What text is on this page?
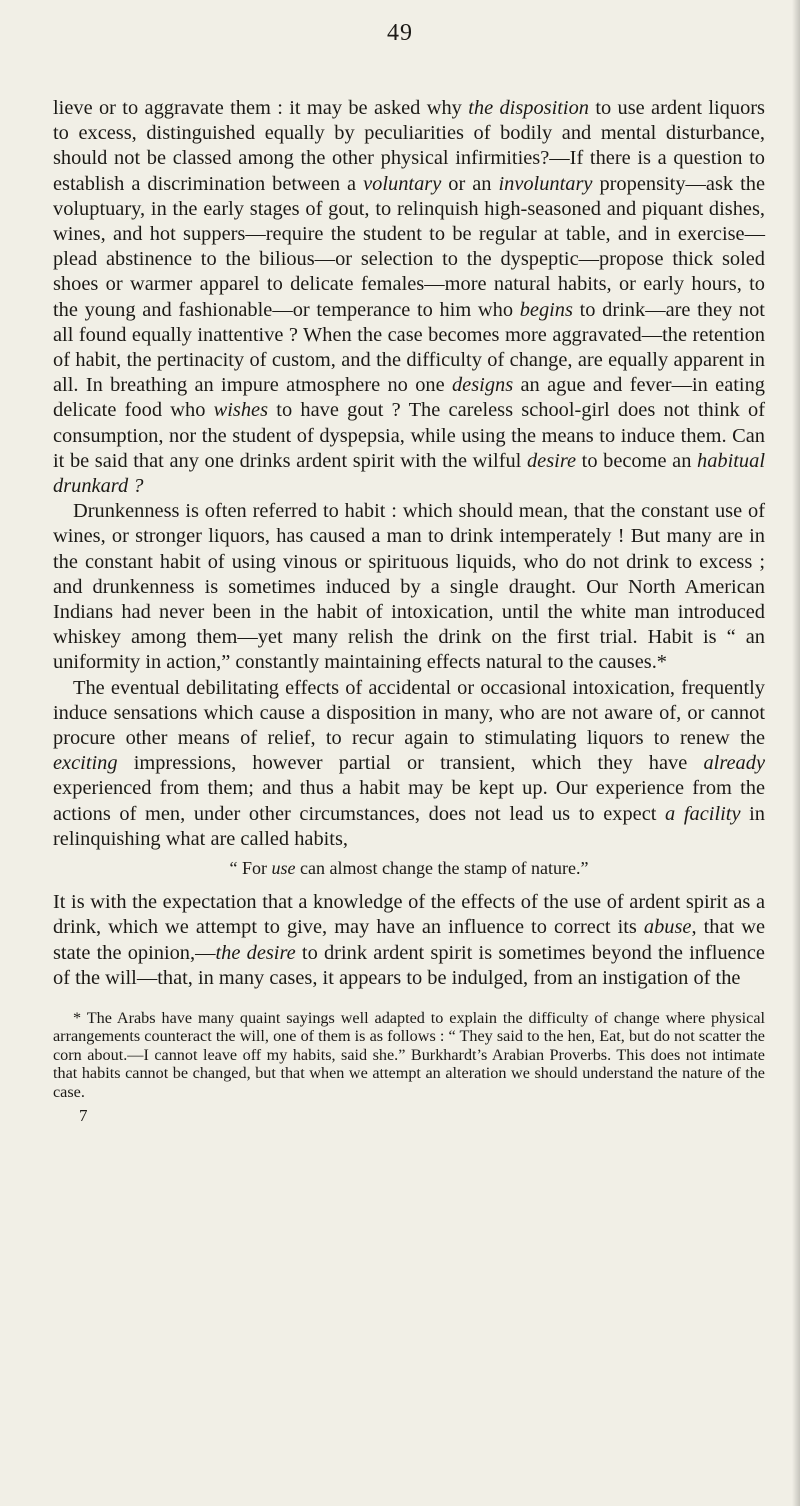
49

lieve or to aggravate them : it may be asked why the disposition to use ardent liquors to excess, distinguished equally by peculiarities of bodily and mental disturbance, should not be classed among the other physical infirmities?—If there is a question to establish a discrimination between a voluntary or an involuntary propensity—ask the voluptuary, in the early stages of gout, to relinquish high-seasoned and piquant dishes, wines, and hot suppers—require the student to be regular at table, and in exercise—plead abstinence to the bilious—or selection to the dyspeptic—propose thick soled shoes or warmer apparel to delicate females—more natural habits, or early hours, to the young and fashionable—or temperance to him who begins to drink—are they not all found equally inattentive ? When the case becomes more aggravated—the retention of habit, the pertinacity of custom, and the difficulty of change, are equally apparent in all. In breathing an impure atmosphere no one designs an ague and fever—in eating delicate food who wishes to have gout ? The careless school-girl does not think of consumption, nor the student of dyspepsia, while using the means to induce them. Can it be said that any one drinks ardent spirit with the wilful desire to become an habitual drunkard ?

Drunkenness is often referred to habit : which should mean, that the constant use of wines, or stronger liquors, has caused a man to drink intemperately ! But many are in the constant habit of using vinous or spirituous liquids, who do not drink to excess ; and drunkenness is sometimes induced by a single draught. Our North American Indians had never been in the habit of intoxication, until the white man introduced whiskey among them—yet many relish the drink on the first trial. Habit is “ an uniformity in action,” constantly maintaining effects natural to the causes.*

The eventual debilitating effects of accidental or occasional intoxication, frequently induce sensations which cause a disposition in many, who are not aware of, or cannot procure other means of relief, to recur again to stimulating liquors to renew the exciting impressions, however partial or transient, which they have already experienced from them; and thus a habit may be kept up. Our experience from the actions of men, under other circumstances, does not lead us to expect a facility in relinquishing what are called habits,

“ For use can almost change the stamp of nature.”

It is with the expectation that a knowledge of the effects of the use of ardent spirit as a drink, which we attempt to give, may have an influence to correct its abuse, that we state the opinion,—the desire to drink ardent spirit is sometimes beyond the influence of the will—that, in many cases, it appears to be indulged, from an instigation of the

* The Arabs have many quaint sayings well adapted to explain the difficulty of change where physical arrangements counteract the will, one of them is as follows : “ They said to the hen, Eat, but do not scatter the corn about.—I cannot leave off my habits, said she.” Burkhardt’s Arabian Proverbs. This does not intimate that habits cannot be changed, but that when we attempt an alteration we should understand the nature of the case.

7
